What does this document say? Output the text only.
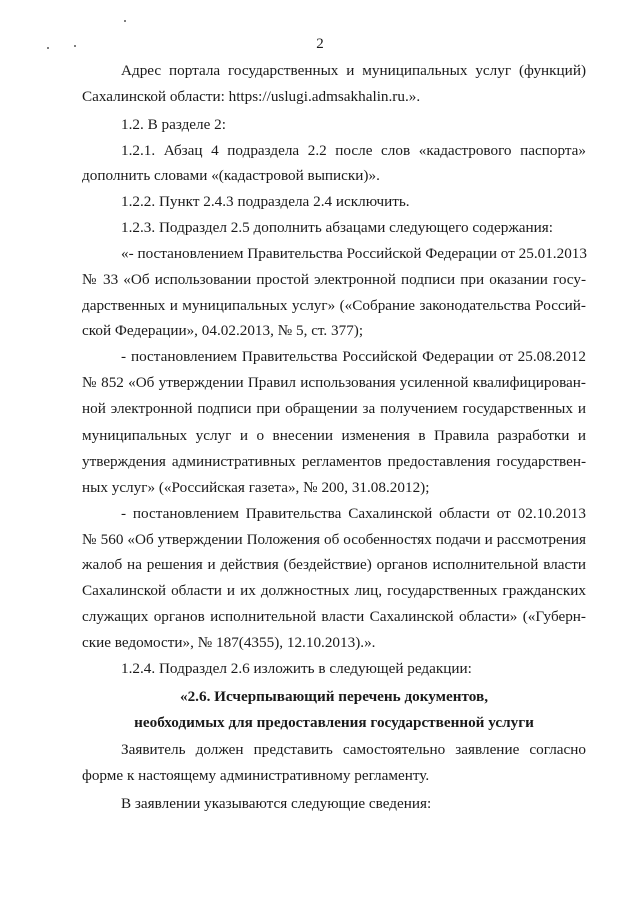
2
Адрес портала государственных и муниципальных услуг (функций)
Сахалинской области: https://uslugi.admsakhalin.ru.».
1.2. В разделе 2:
1.2.1. Абзац 4 подраздела 2.2 после слов «кадастрового паспорта»
дополнить словами «(кадастровой выписки)».
1.2.2. Пункт 2.4.3 подраздела 2.4 исключить.
1.2.3. Подраздел 2.5 дополнить абзацами следующего содержания:
«- постановлением Правительства Российской Федерации от 25.01.2013
№ 33 «Об использовании простой электронной подписи при оказании госу-
дарственных и муниципальных услуг» («Собрание законодательства Россий-
ской Федерации», 04.02.2013, № 5, ст. 377);
- постановлением Правительства Российской Федерации от 25.08.2012
№ 852 «Об утверждении Правил использования усиленной квалифицирован-
ной электронной подписи при обращении за получением государственных и
муниципальных услуг и о внесении изменения в Правила разработки и
утверждения административных регламентов предоставления государствен-
ных услуг» («Российская газета», № 200, 31.08.2012);
- постановлением Правительства Сахалинской области от 02.10.2013
№ 560 «Об утверждении Положения об особенностях подачи и рассмотрения
жалоб на решения и действия (бездействие) органов исполнительной власти
Сахалинской области и их должностных лиц, государственных гражданских
служащих органов исполнительной власти Сахалинской области» («Губерн-
ские ведомости», № 187(4355), 12.10.2013).».
1.2.4. Подраздел 2.6 изложить в следующей редакции:
«2.6. Исчерпывающий перечень документов,
необходимых для предоставления государственной услуги
Заявитель должен представить самостоятельно заявление согласно
форме к настоящему административному регламенту.
В заявлении указываются следующие сведения:
